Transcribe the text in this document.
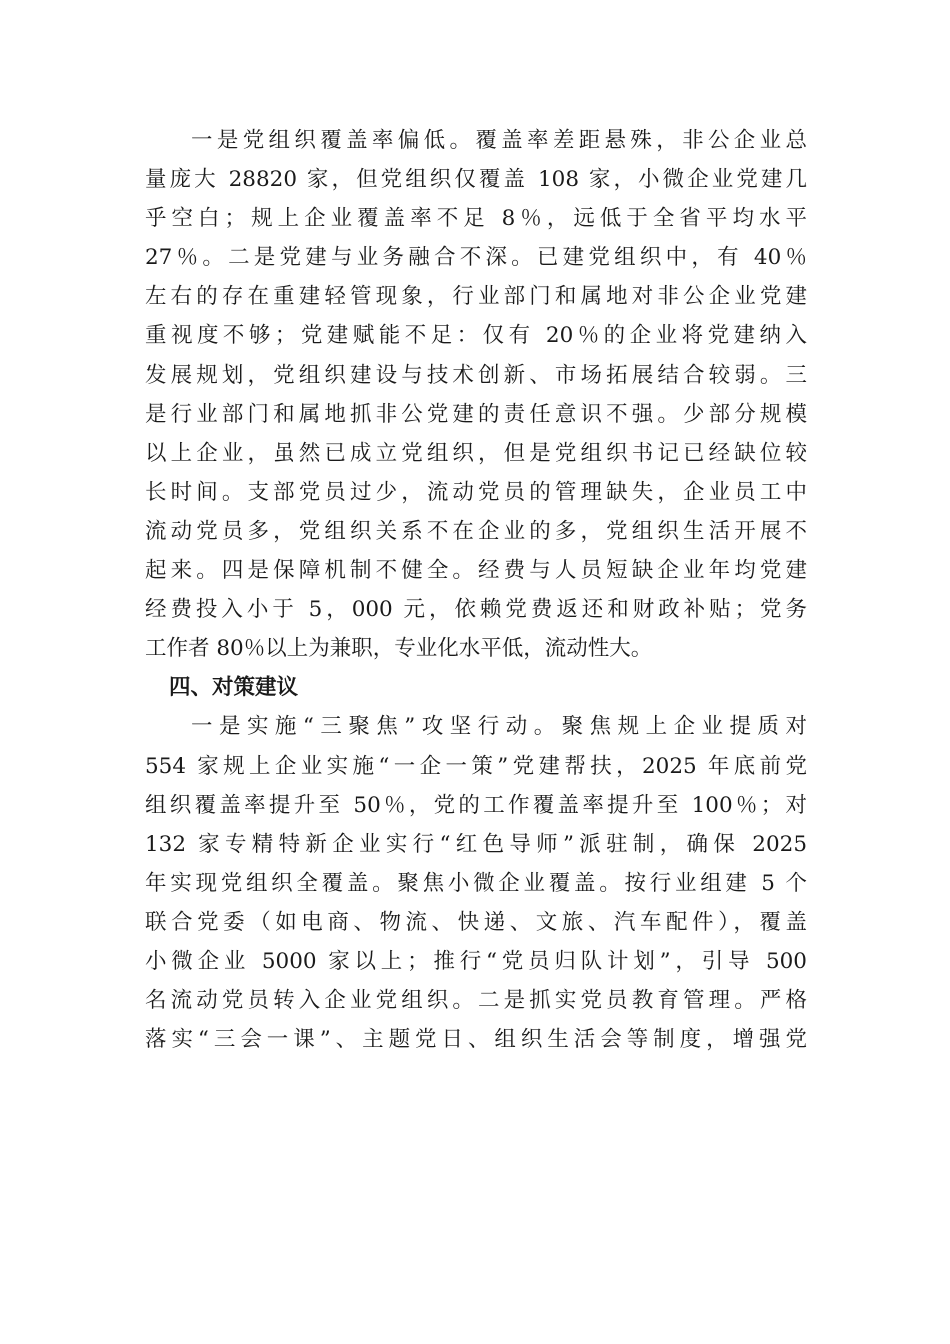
一是党组织覆盖率偏低。覆盖率差距悬殊，非公企业总
量庞大 28820 家，但党组织仅覆盖 108 家，小微企业党建几
乎空白；规上企业覆盖率不足 8％，远低于全省平均水平
27％。二是党建与业务融合不深。已建党组织中，有 40％
左右的存在重建轻管现象，行业部门和属地对非公企业党建
重视度不够；党建赋能不足：仅有 20％的企业将党建纳入
发展规划，党组织建设与技术创新、市场拓展结合较弱。三
是行业部门和属地抓非公党建的责任意识不强。少部分规模
以上企业，虽然已成立党组织，但是党组织书记已经缺位较
长时间。支部党员过少，流动党员的管理缺失，企业员工中
流动党员多，党组织关系不在企业的多，党组织生活开展不
起来。四是保障机制不健全。经费与人员短缺企业年均党建
经费投入小于 5，000 元，依赖党费返还和财政补贴；党务
工作者 80％以上为兼职，专业化水平低，流动性大。
四、对策建议
一是实施“三聚焦”攻坚行动。聚焦规上企业提质对
554 家规上企业实施“一企一策”党建帮扶，2025 年底前党
组织覆盖率提升至 50％，党的工作覆盖率提升至 100％；对
132 家专精特新企业实行“红色导师”派驻制，确保 2025
年实现党组织全覆盖。聚焦小微企业覆盖。按行业组建 5 个
联合党委（如电商、物流、快递、文旅、汽车配件），覆盖
小微企业 5000 家以上；推行“党员归队计划”，引导 500
名流动党员转入企业党组织。二是抓实党员教育管理。严格
落实“三会一课”、主题党日、组织生活会等制度，增强党
